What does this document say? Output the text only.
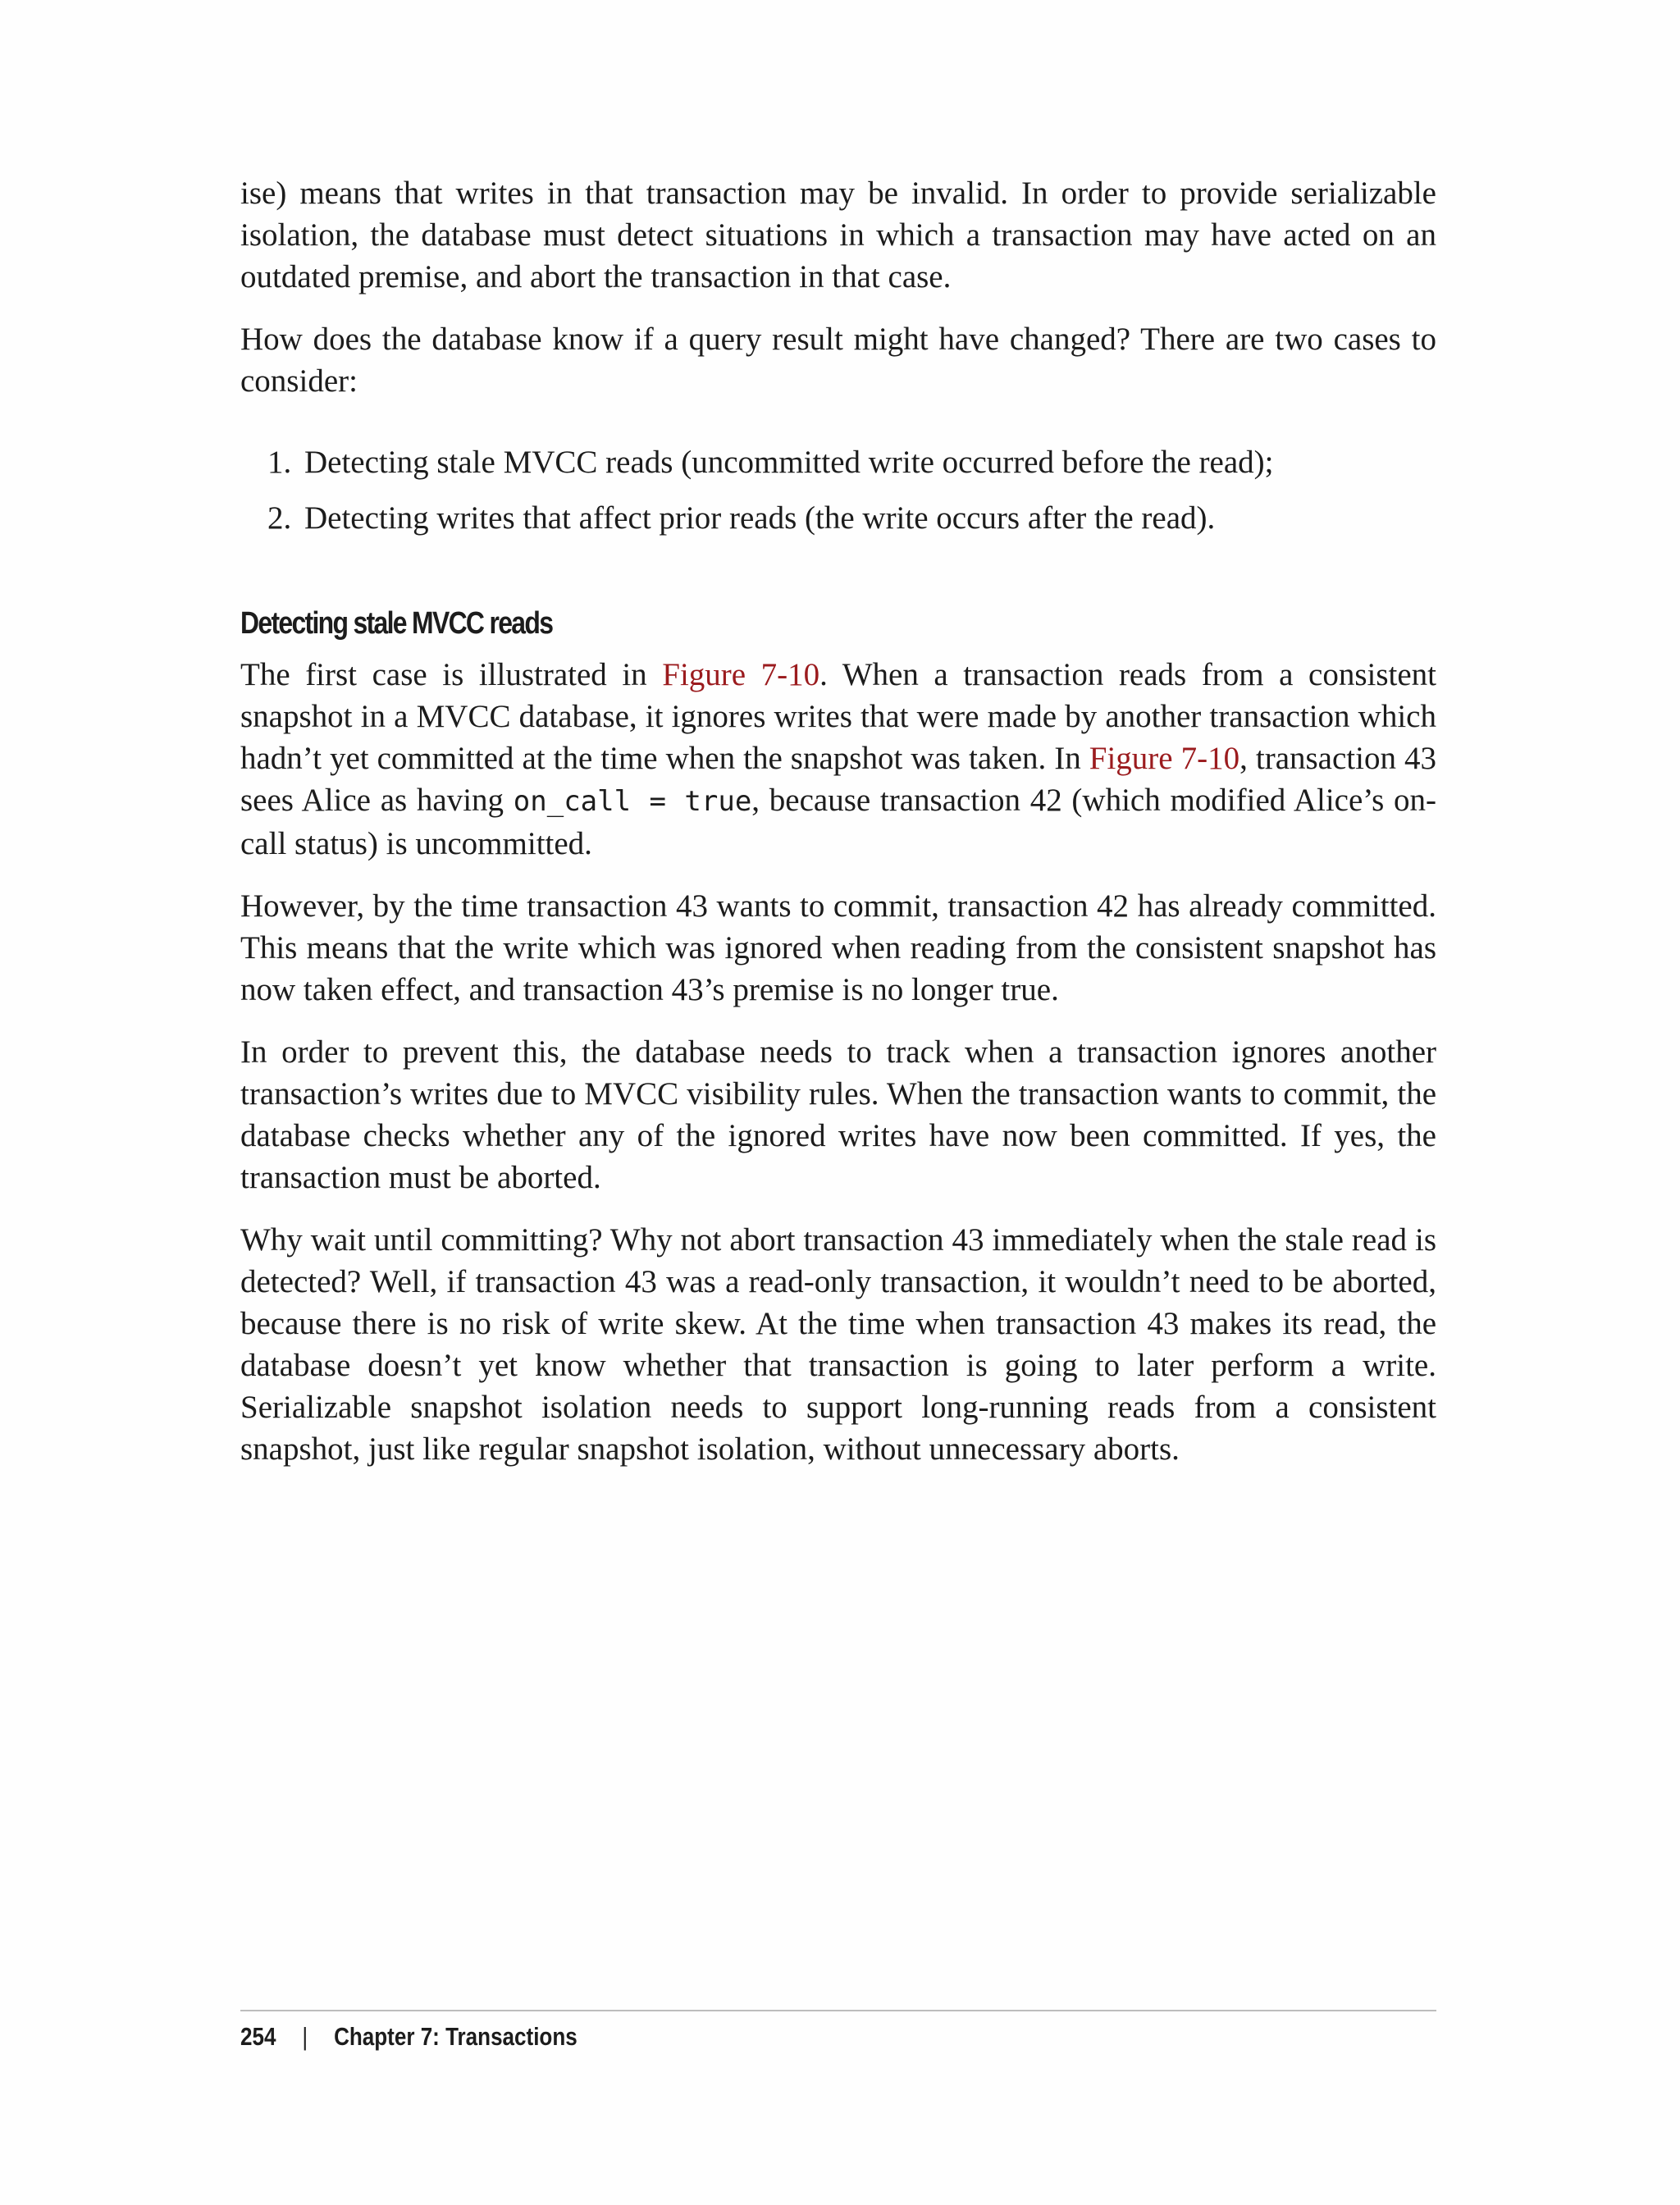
ise) means that writes in that transaction may be invalid. In order to provide serializable isolation, the database must detect situations in which a transaction may have acted on an outdated premise, and abort the transaction in that case.

How does the database know if a query result might have changed? There are two cases to consider:

1. Detecting stale MVCC reads (uncommitted write occurred before the read);
2. Detecting writes that affect prior reads (the write occurs after the read).
Detecting stale MVCC reads

The first case is illustrated in Figure 7-10. When a transaction reads from a consistent snapshot in a MVCC database, it ignores writes that were made by another transaction which hadn’t yet committed at the time when the snapshot was taken. In Figure 7-10, transaction 43 sees Alice as having on_call = true, because transaction 42 (which modified Alice’s on-call status) is uncommitted.

However, by the time transaction 43 wants to commit, transaction 42 has already committed. This means that the write which was ignored when reading from the consistent snapshot has now taken effect, and transaction 43’s premise is no longer true.

In order to prevent this, the database needs to track when a transaction ignores another transaction’s writes due to MVCC visibility rules. When the transaction wants to commit, the database checks whether any of the ignored writes have now been committed. If yes, the transaction must be aborted.

Why wait until committing? Why not abort transaction 43 immediately when the stale read is detected? Well, if transaction 43 was a read-only transaction, it wouldn’t need to be aborted, because there is no risk of write skew. At the time when transaction 43 makes its read, the database doesn’t yet know whether that transaction is going to later perform a write. Serializable snapshot isolation needs to support long-running reads from a consistent snapshot, just like regular snapshot isolation, without unnecessary aborts.

254 | Chapter 7: Transactions
